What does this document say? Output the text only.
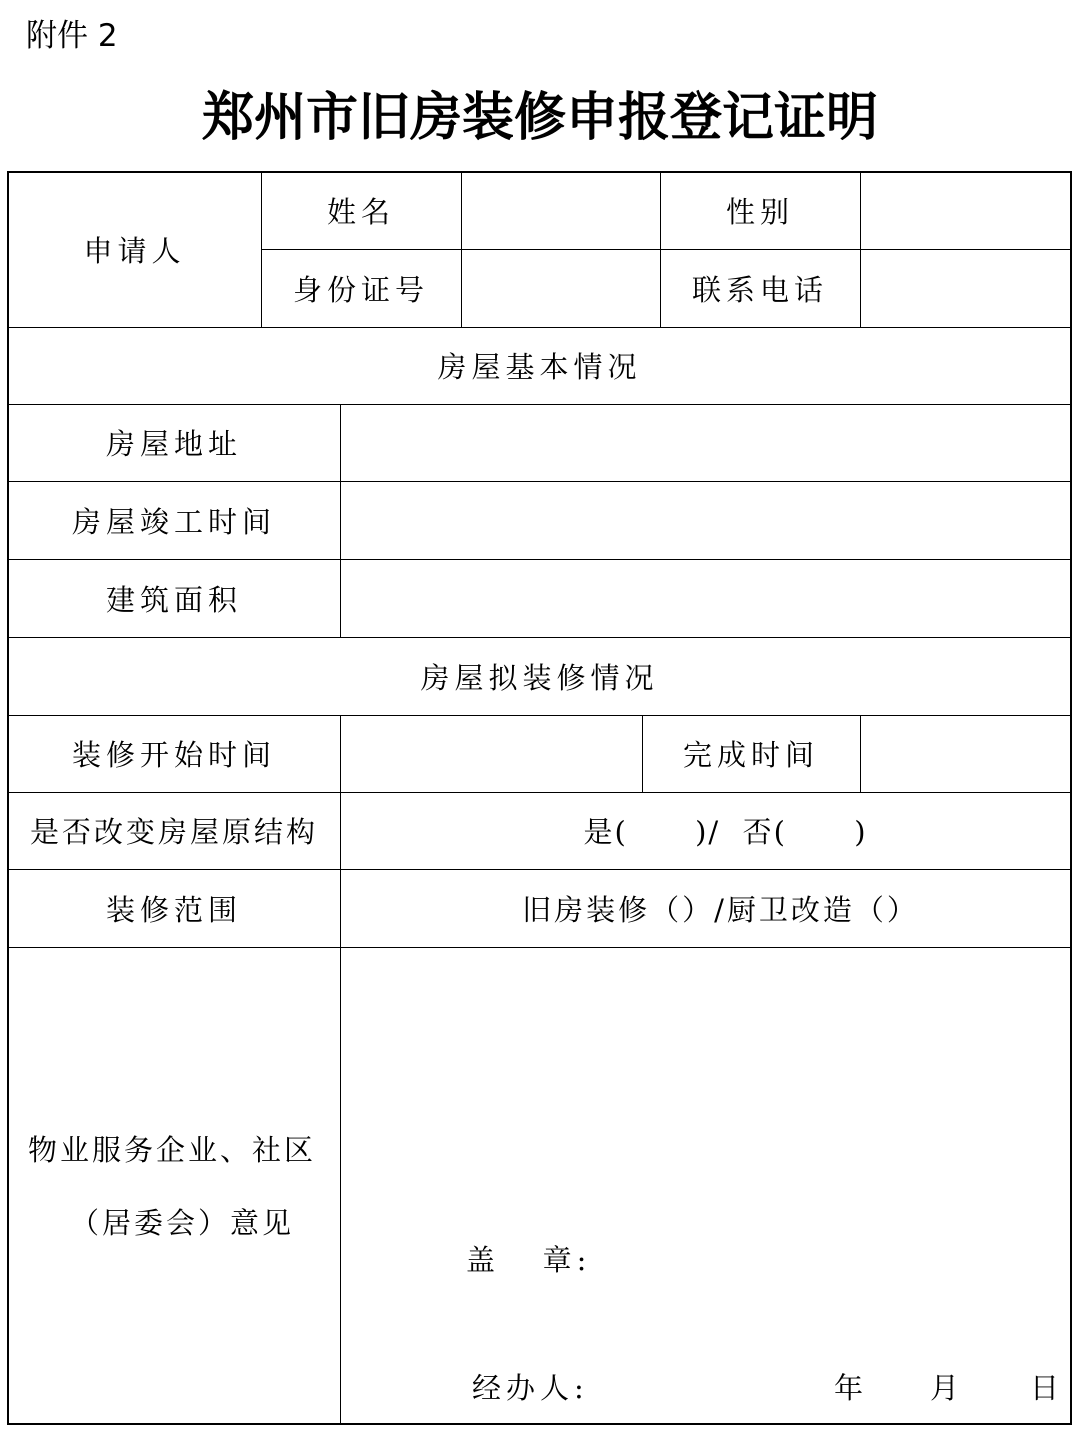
附件 2
郑州市旧房装修申报登记证明
申请人
姓名	性别
身份证号	联系电话
房屋基本情况
房屋地址
房屋竣工时间
建筑面积
房屋拟装修情况
装修开始时间	完成时间
是否改变房屋原结构	是(      )/  否(      )
装修范围	旧房装修（）/厨卫改造（）
物业服务企业、社区
（居委会）意见
盖   章:
经办人:	年 月 日
